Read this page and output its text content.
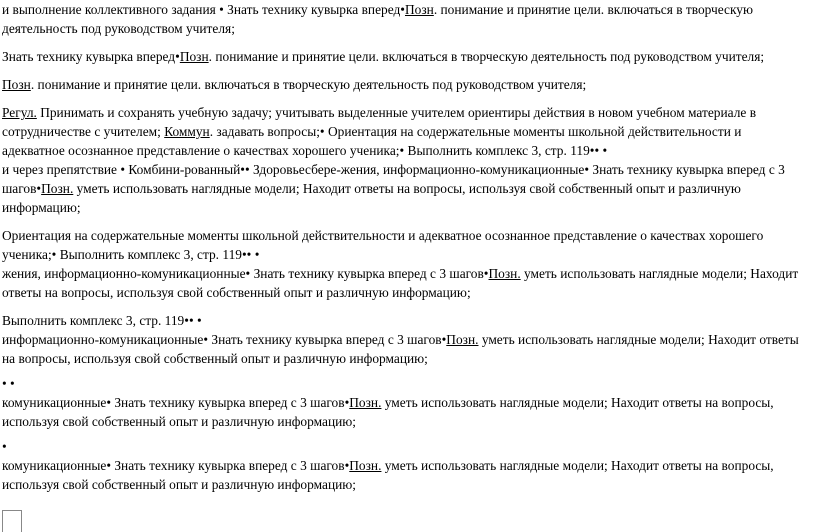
и выполнение коллективного задания • Знать технику кувырка вперед•Позн. понимание и принятие цели. включаться в творческую
деятельность под руководством учителя;
Знать технику кувырка вперед•Позн. понимание и принятие цели. включаться в творческую деятельность под руководством учителя;
Позн. понимание и принятие цели. включаться в творческую деятельность под руководством учителя;
Регул. Принимать и сохранять учебную задачу; учитывать выделенные учителем ориентиры действия в новом учебном материале в
сотрудничестве с учителем; Коммун. задавать вопросы;• Ориентация на содержательные моменты школьной действительности и
адекватное осознанное представление о качествах хорошего ученика;• Выполнить комплекс 3, стр. 119•• •
и через препятствие • Комбини-рованный•• Здоровьесбере-жения, информационно-комуникационные• Знать технику кувырка вперед с 3
шагов•Позн. уметь использовать наглядные модели; Находит ответы на вопросы, используя свой собственный опыт и различную
информацию;
Ориентация на содержательные моменты школьной действительности и адекватное осознанное представление о качествах хорошего
ученика;• Выполнить комплекс 3, стр. 119•• •
жения, информационно-комуникационные• Знать технику кувырка вперед с 3 шагов•Позн. уметь использовать наглядные модели; Находит
ответы на вопросы, используя свой собственный опыт и различную информацию;
Выполнить комплекс 3, стр. 119•• •
информационно-комуникационные• Знать технику кувырка вперед с 3 шагов•Позн. уметь использовать наглядные модели; Находит ответы
на вопросы, используя свой собственный опыт и различную информацию;
• •
комуникационные• Знать технику кувырка вперед с 3 шагов•Позн. уметь использовать наглядные модели; Находит ответы на вопросы,
используя свой собственный опыт и различную информацию;
•
комуникационные• Знать технику кувырка вперед с 3 шагов•Позн. уметь использовать наглядные модели; Находит ответы на вопросы,
используя свой собственный опыт и различную информацию;
